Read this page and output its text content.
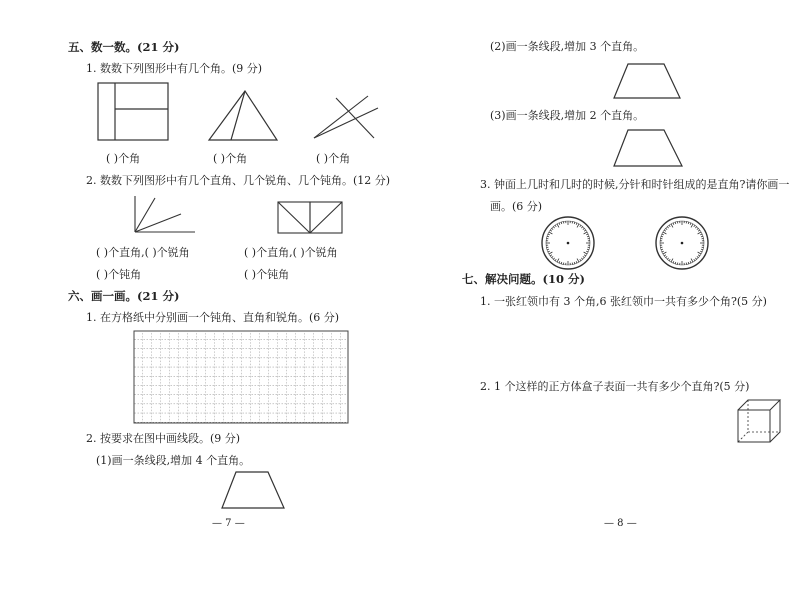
五、数一数。(21 分)
1. 数数下列图形中有几个角。(9 分)
( )个角	( )个角	( )个角
2. 数数下列图形中有几个直角、几个锐角、几个钝角。(12 分)
( )个直角,( )个锐角
( )个钝角
( )个直角,( )个锐角
( )个钝角
六、画一画。(21 分)
1. 在方格纸中分别画一个钝角、直角和锐角。(6 分)
2. 按要求在图中画线段。(9 分)
(1)画一条线段,增加 4 个直角。
— 7 —
(2)画一条线段,增加 3 个直角。
(3)画一条线段,增加 2 个直角。
3. 钟面上几时和几时的时候,分针和时针组成的是直角?请你画一
画。(6 分)
七、解决问题。(10 分)
1. 一张红领巾有 3 个角,6 张红领巾一共有多少个角?(5 分)
2. 1 个这样的正方体盒子表面一共有多少个直角?(5 分)
— 8 —
